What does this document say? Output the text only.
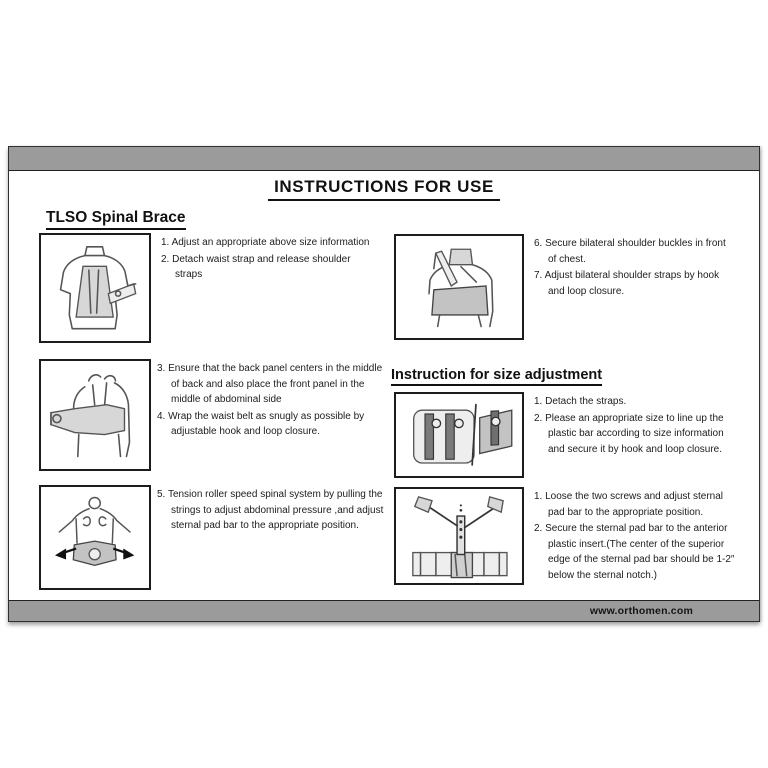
INSTRUCTIONS FOR USE
TLSO Spinal Brace
1. Adjust an appropriate above size information
2. Detach waist strap and release shoulder straps
3. Ensure that the back panel centers in the middle of back and also place the front panel in the middle of abdominal side
4. Wrap the waist belt as snugly as possible by adjustable hook and loop closure.
5. Tension roller speed spinal system by pulling the strings to adjust abdominal pressure ,and adjust sternal pad bar to the appropriate position.
6. Secure bilateral shoulder buckles in front of chest.
7. Adjust bilateral shoulder straps by hook and loop closure.
Instruction for size adjustment
1. Detach the straps.
2. Please an appropriate size to line up the plastic bar according to size information and secure it by hook and loop closure.
1. Loose the two screws and adjust sternal pad bar to the appropriate position.
2. Secure the sternal pad bar to the anterior plastic insert.(The center of the superior edge of the sternal pad bar should be 1-2″ below the sternal notch.)
www.orthomen.com
